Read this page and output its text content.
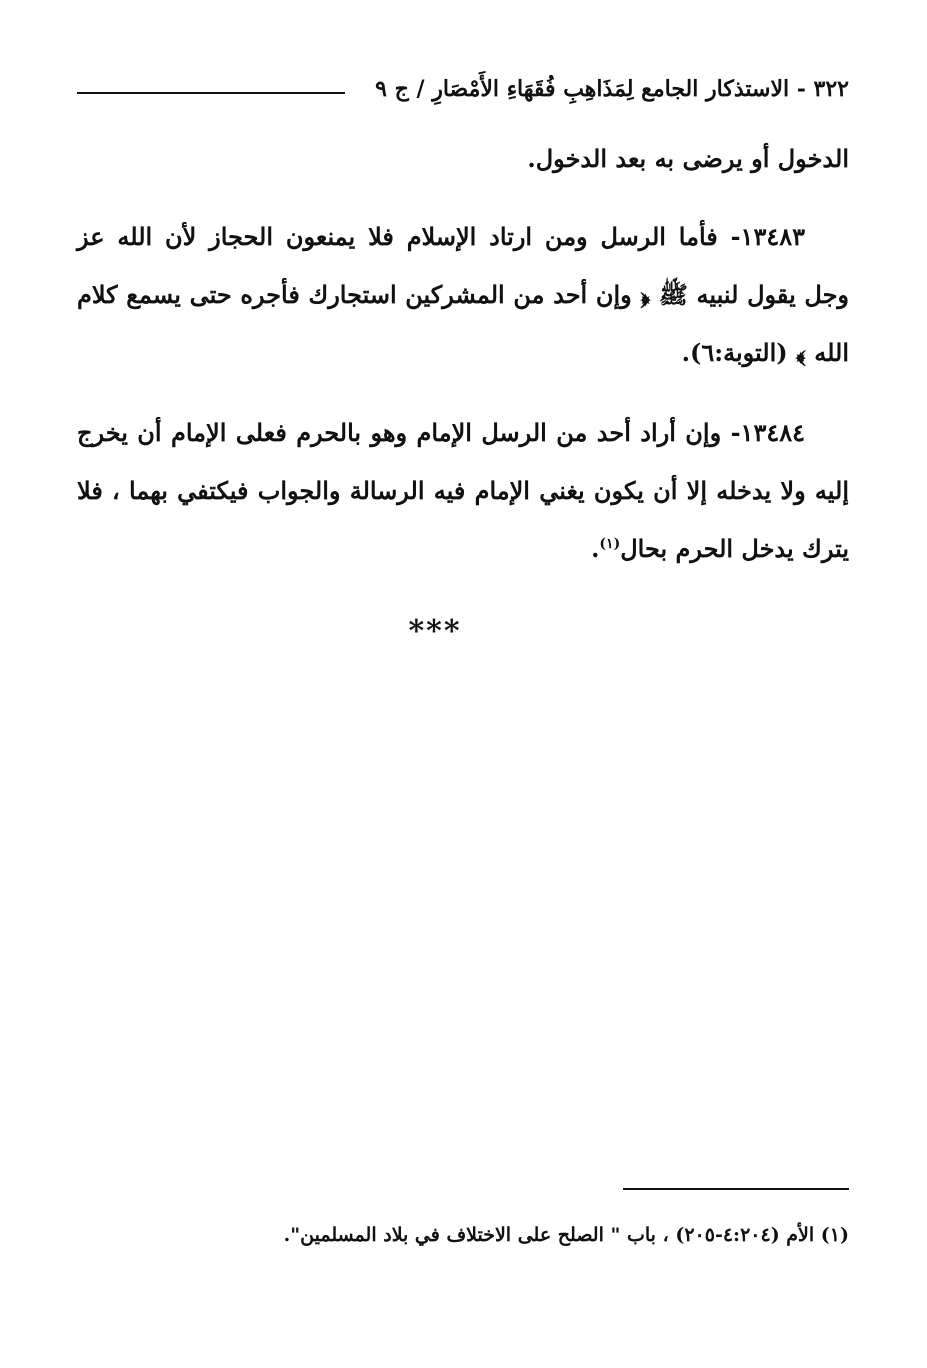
٣٢٢ - الاستذكار الجامع لِمَذَاهِبِ فُقَهَاءِ الأَمْصَارِ / ج ٩
الدخول أو يرضى به بعد الدخول.
١٣٤٨٣- فأما الرسل ومن ارتاد الإسلام فلا يمنعون الحجاز لأن الله عز وجل يقول لنبيه ﷺ ﴿ وإن أحد من المشركين استجارك فأجره حتى يسمع كلام الله ﴾ (التوبة:٦).
١٣٤٨٤- وإن أراد أحد من الرسل الإمام وهو بالحرم فعلى الإمام أن يخرج إليه ولا يدخله إلا أن يكون يغني الإمام فيه الرسالة والجواب فيكتفي بهما ، فلا يترك يدخل الحرم بحال$^{(١)}$.
***
(١) الأم (٤:٢٠٤-٢٠٥) ، باب " الصلح على الاختلاف في بلاد المسلمين".
